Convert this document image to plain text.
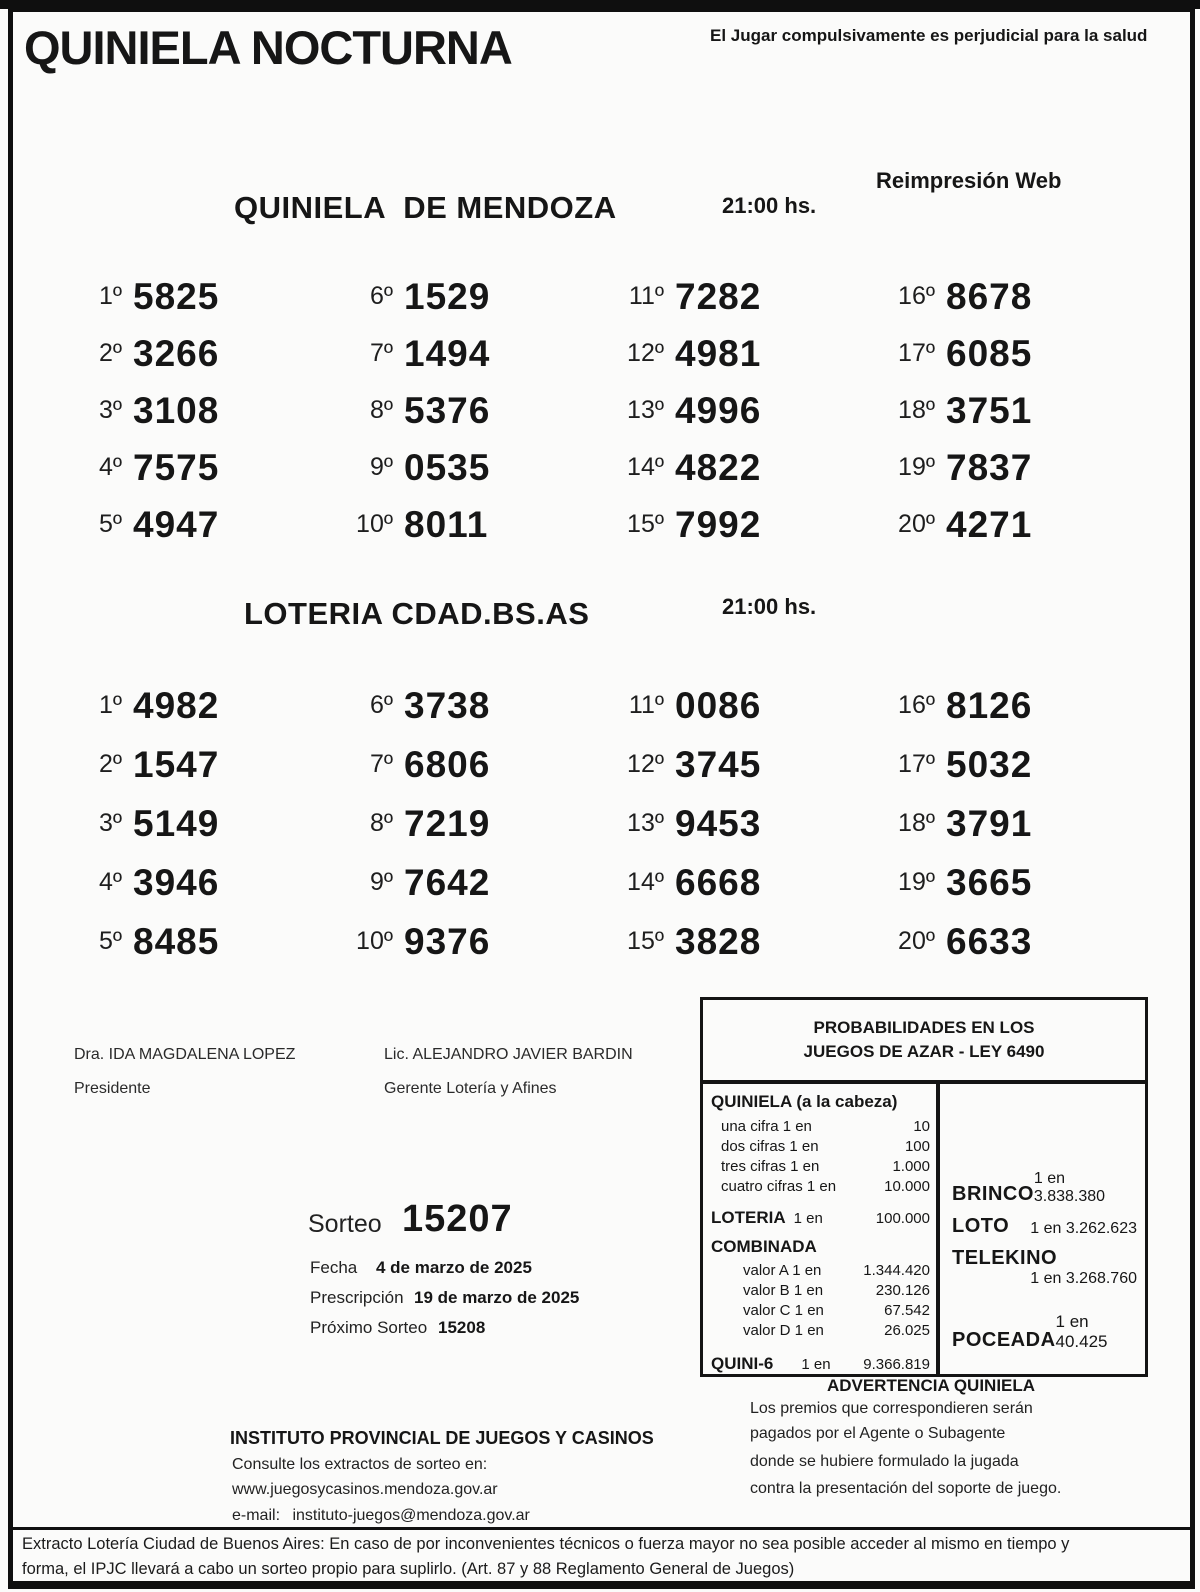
QUINIELA NOCTURNA	El Jugar compulsivamente es perjudicial para la salud
Reimpresión Web
QUINIELA  DE MENDOZA	21:00 hs.
1º 5825
2º 3266
3º 3108
4º 7575
5º 4947
6º 1529
7º 1494
8º 5376
9º 0535
10º 8011
11º 7282
12º 4981
13º 4996
14º 4822
15º 7992
16º 8678
17º 6085
18º 3751
19º 7837
20º 4271
LOTERIA CDAD.BS.AS	21:00 hs.
1º 4982
2º 1547
3º 5149
4º 3946
5º 8485
6º 3738
7º 6806
8º 7219
9º 7642
10º 9376
11º 0086
12º 3745
13º 9453
14º 6668
15º 3828
16º 8126
17º 5032
18º 3791
19º 3665
20º 6633
Dra. IDA MAGDALENA LOPEZ
Presidente
Lic. ALEJANDRO JAVIER BARDIN
Gerente Lotería y Afines
PROBABILIDADES EN LOS
JUEGOS DE AZAR - LEY 6490
QUINIELA (a la cabeza)
una cifra 1 en	10
dos cifras 1 en	100
tres cifras 1 en	1.000
cuatro cifras 1 en	10.000
LOTERIA 1 en	100.000
COMBINADA
valor A 1 en	1.344.420
valor B 1 en	230.126
valor C 1 en	67.542
valor D 1 en	26.025
QUINI-6 1 en 9.366.819
BRINCO
1 en 3.838.380
LOTO 1 en 3.262.623
TELEKINO
1 en 3.268.760
POCEADA
1 en 40.425
Sorteo 15207
Fecha 4 de marzo de 2025
Prescripción 19 de marzo de 2025
Próximo Sorteo 15208
ADVERTENCIA QUINIELA
Los premios que correspondieren serán
pagados por el Agente o Subagente
donde se hubiere formulado la jugada
contra la presentación del soporte de juego.
INSTITUTO PROVINCIAL DE JUEGOS Y CASINOS
Consulte los extractos de sorteo en:
www.juegosycasinos.mendoza.gov.ar
e-mail: instituto-juegos@mendoza.gov.ar
Extracto Lotería Ciudad de Buenos Aires: En caso de por inconvenientes técnicos o fuerza mayor no sea posible acceder al mismo en tiempo y
forma, el IPJC llevará a cabo un sorteo propio para suplirlo. (Art. 87 y 88 Reglamento General de Juegos)
